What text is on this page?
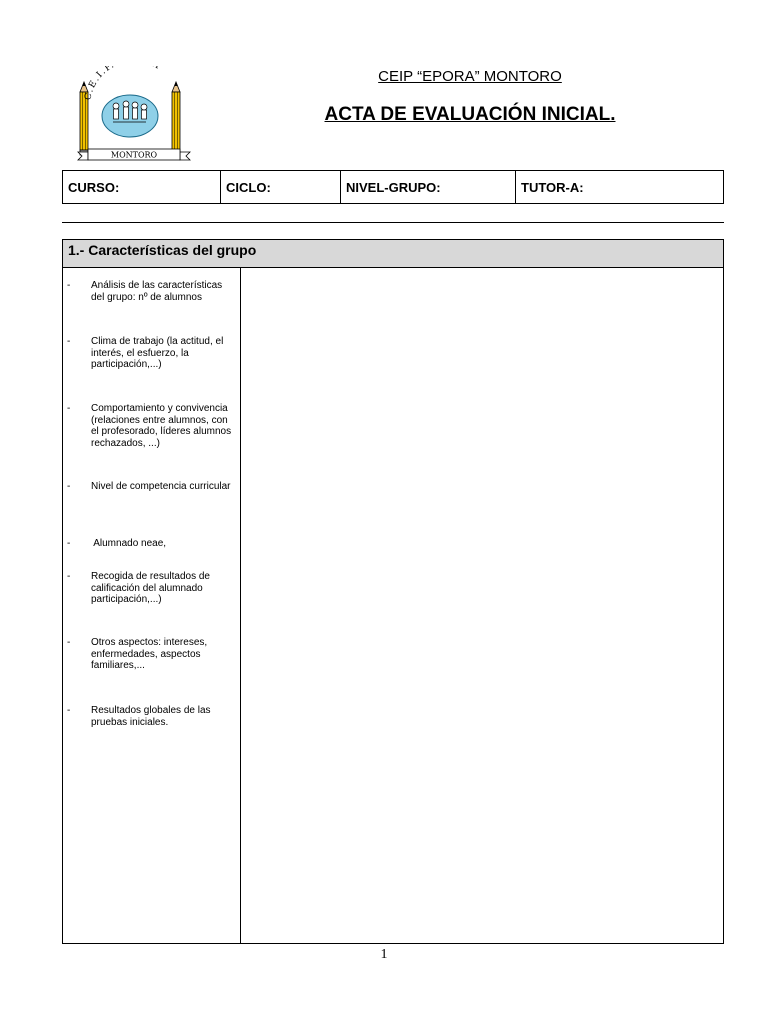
C.E.I.P
MONTORO
CEIP “EPORA” MONTORO
ACTA DE EVALUACIÓN INICIAL.
CURSO:	CICLO:	NIVEL-GRUPO:	TUTOR-A:
1.- Características del grupo
- Análisis de las características del grupo: nº de alumnos
- Clima de trabajo (la actitud, el interés, el esfuerzo, la participación,...)
- Comportamiento y convivencia (relaciones entre alumnos, con el profesorado, líderes alumnos rechazados, ...)
- Nivel de competencia curricular
- Alumnado neae,
- Recogida de resultados de calificación del alumnado participación,...)
- Otros aspectos: intereses, enfermedades, aspectos familiares,...
- Resultados globales de las pruebas iniciales.
1
